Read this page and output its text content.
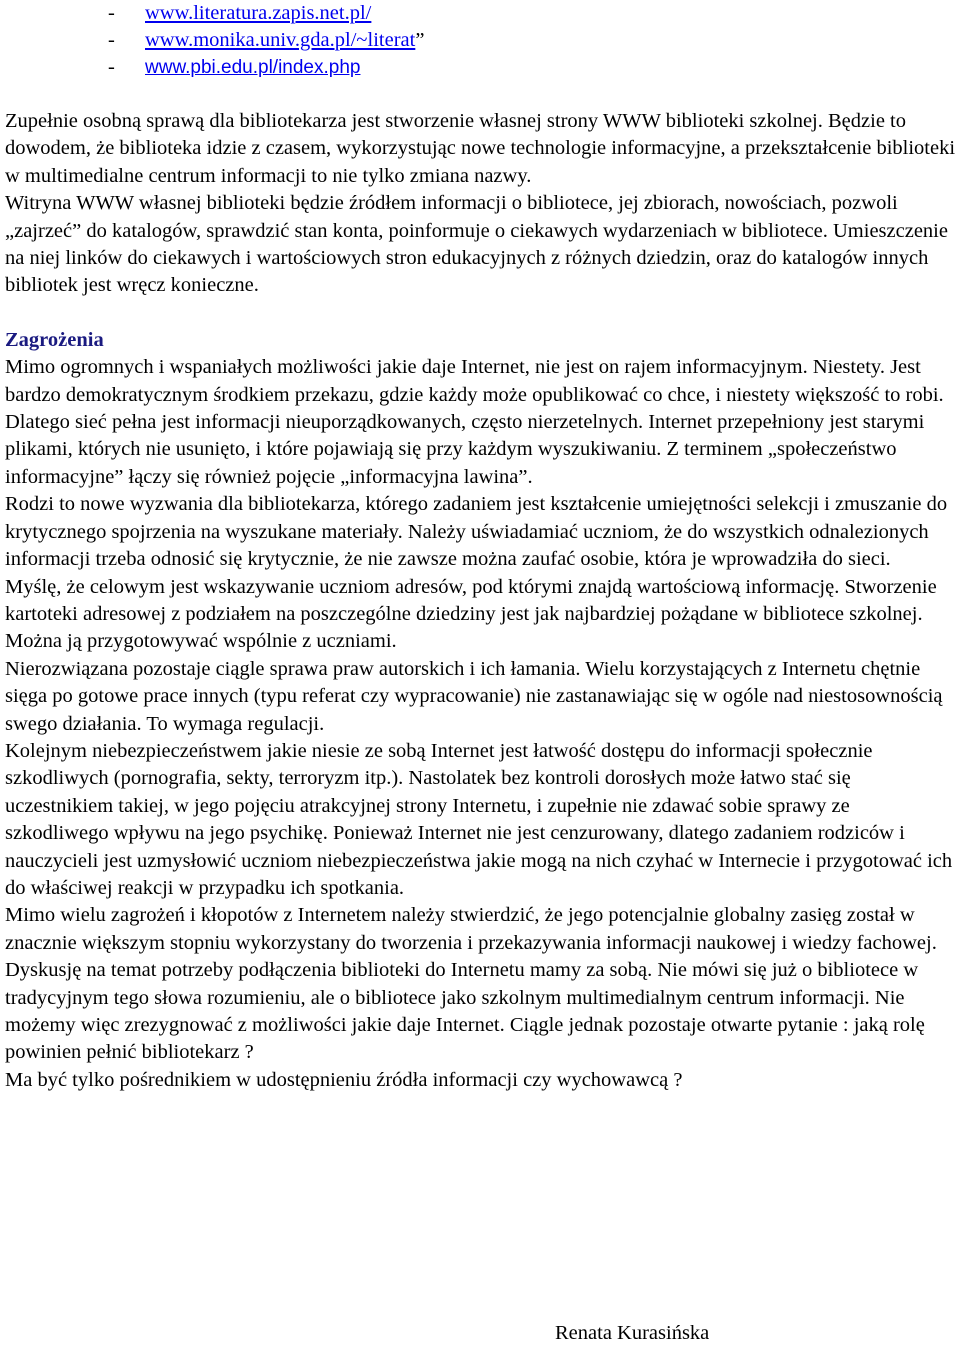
- www.literatura.zapis.net.pl/
- www.monika.univ.gda.pl/~literat”
- www.pbi.edu.pl/index.php

Zupełnie osobną sprawą dla bibliotekarza jest stworzenie własnej strony WWW biblioteki szkolnej. Będzie to dowodem, że biblioteka idzie z czasem, wykorzystując nowe technologie informacyjne, a przekształcenie biblioteki w multimedialne centrum informacji to nie tylko zmiana nazwy.

Witryna WWW własnej biblioteki będzie źródłem informacji o bibliotece, jej zbiorach, nowościach, pozwoli „zajrzeć” do katalogów, sprawdzić stan konta, poinformuje o ciekawych wydarzeniach w bibliotece. Umieszczenie na niej linków do ciekawych i wartościowych stron edukacyjnych z różnych dziedzin, oraz do katalogów innych bibliotek jest wręcz konieczne.

Zagrożenia

Mimo ogromnych i wspaniałych możliwości jakie daje Internet, nie jest on rajem informacyjnym. Niestety. Jest bardzo demokratycznym środkiem przekazu, gdzie każdy może opublikować co chce, i niestety większość to robi. Dlatego sieć pełna jest informacji nieuporządkowanych, często nierzetelnych. Internet przepełniony jest starymi plikami, których nie usunięto, i które pojawiają się przy każdym wyszukiwaniu. Z terminem „społeczeństwo informacyjne” łączy się również pojęcie „informacyjna lawina”.

Rodzi to nowe wyzwania dla bibliotekarza, którego zadaniem jest kształcenie umiejętności selekcji i zmuszanie do krytycznego spojrzenia na wyszukane materiały. Należy uświadamiać uczniom, że do wszystkich odnalezionych informacji trzeba odnosić się krytycznie, że nie zawsze można zaufać osobie, która je wprowadziła do sieci.

Myślę, że celowym jest wskazywanie uczniom adresów, pod którymi znajdą wartościową informację. Stworzenie kartoteki adresowej z podziałem na poszczególne dziedziny jest jak najbardziej pożądane w bibliotece szkolnej. Można ją przygotowywać wspólnie z uczniami.

Nierozwiązana pozostaje ciągle sprawa praw autorskich i ich łamania. Wielu korzystających z Internetu chętnie sięga po gotowe prace innych (typu referat czy wypracowanie) nie zastanawiając się w ogóle nad niestosownością swego działania. To wymaga regulacji.

Kolejnym niebezpieczeństwem jakie niesie ze sobą Internet jest łatwość dostępu do informacji społecznie szkodliwych (pornografia, sekty, terroryzm itp.). Nastolatek bez kontroli dorosłych może łatwo stać się uczestnikiem takiej, w jego pojęciu atrakcyjnej strony Internetu, i zupełnie nie zdawać sobie sprawy ze szkodliwego wpływu na jego psychikę. Ponieważ Internet nie jest cenzurowany, dlatego zadaniem rodziców i nauczycieli jest uzmysłowić uczniom niebezpieczeństwa jakie mogą na nich czyhać w Internecie i przygotować ich do właściwej reakcji w przypadku ich spotkania.

Mimo wielu zagrożeń i kłopotów z Internetem należy stwierdzić, że jego potencjalnie globalny zasięg został w znacznie większym stopniu wykorzystany do tworzenia i przekazywania informacji naukowej i wiedzy fachowej.

Dyskusję na temat potrzeby podłączenia biblioteki do Internetu mamy za sobą. Nie mówi się już o bibliotece w tradycyjnym tego słowa rozumieniu, ale o bibliotece jako szkolnym multimedialnym centrum informacji. Nie możemy więc zrezygnować z możliwości jakie daje Internet. Ciągle jednak pozostaje otwarte pytanie : jaką rolę powinien pełnić bibliotekarz ?

Ma być tylko pośrednikiem w udostępnieniu źródła informacji czy wychowawcą ?

Renata Kurasińska
